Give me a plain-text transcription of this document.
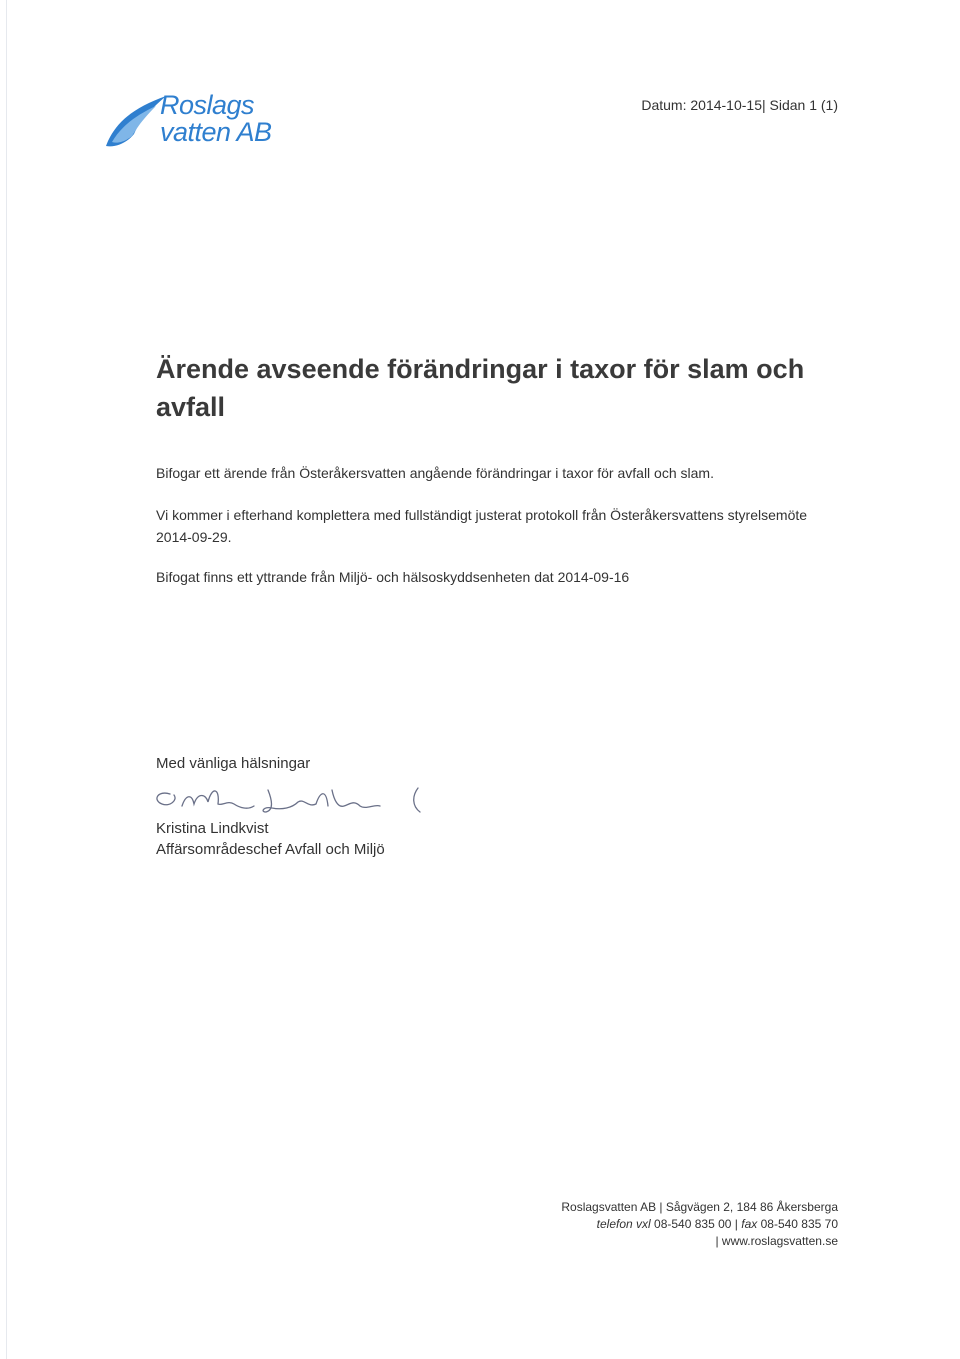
Roslags
vatten AB
Datum: 2014-10-15| Sidan 1 (1)
Ärende avseende förändringar i taxor för slam och avfall
Bifogar ett ärende från Österåkersvatten angående förändringar i taxor för avfall och slam.
Vi kommer i efterhand komplettera med fullständigt justerat protokoll från Österåkersvattens styrelsemöte 2014-09-29.
Bifogat finns ett yttrande från Miljö- och hälsoskyddsenheten dat 2014-09-16
Med vänliga hälsningar
Kristina Lindkvist
Affärsområdeschef Avfall och Miljö
Roslagsvatten AB | Sågvägen 2, 184 86 Åkersberga
telefon vxl 08-540 835 00 | fax 08-540 835 70
| www.roslagsvatten.se
